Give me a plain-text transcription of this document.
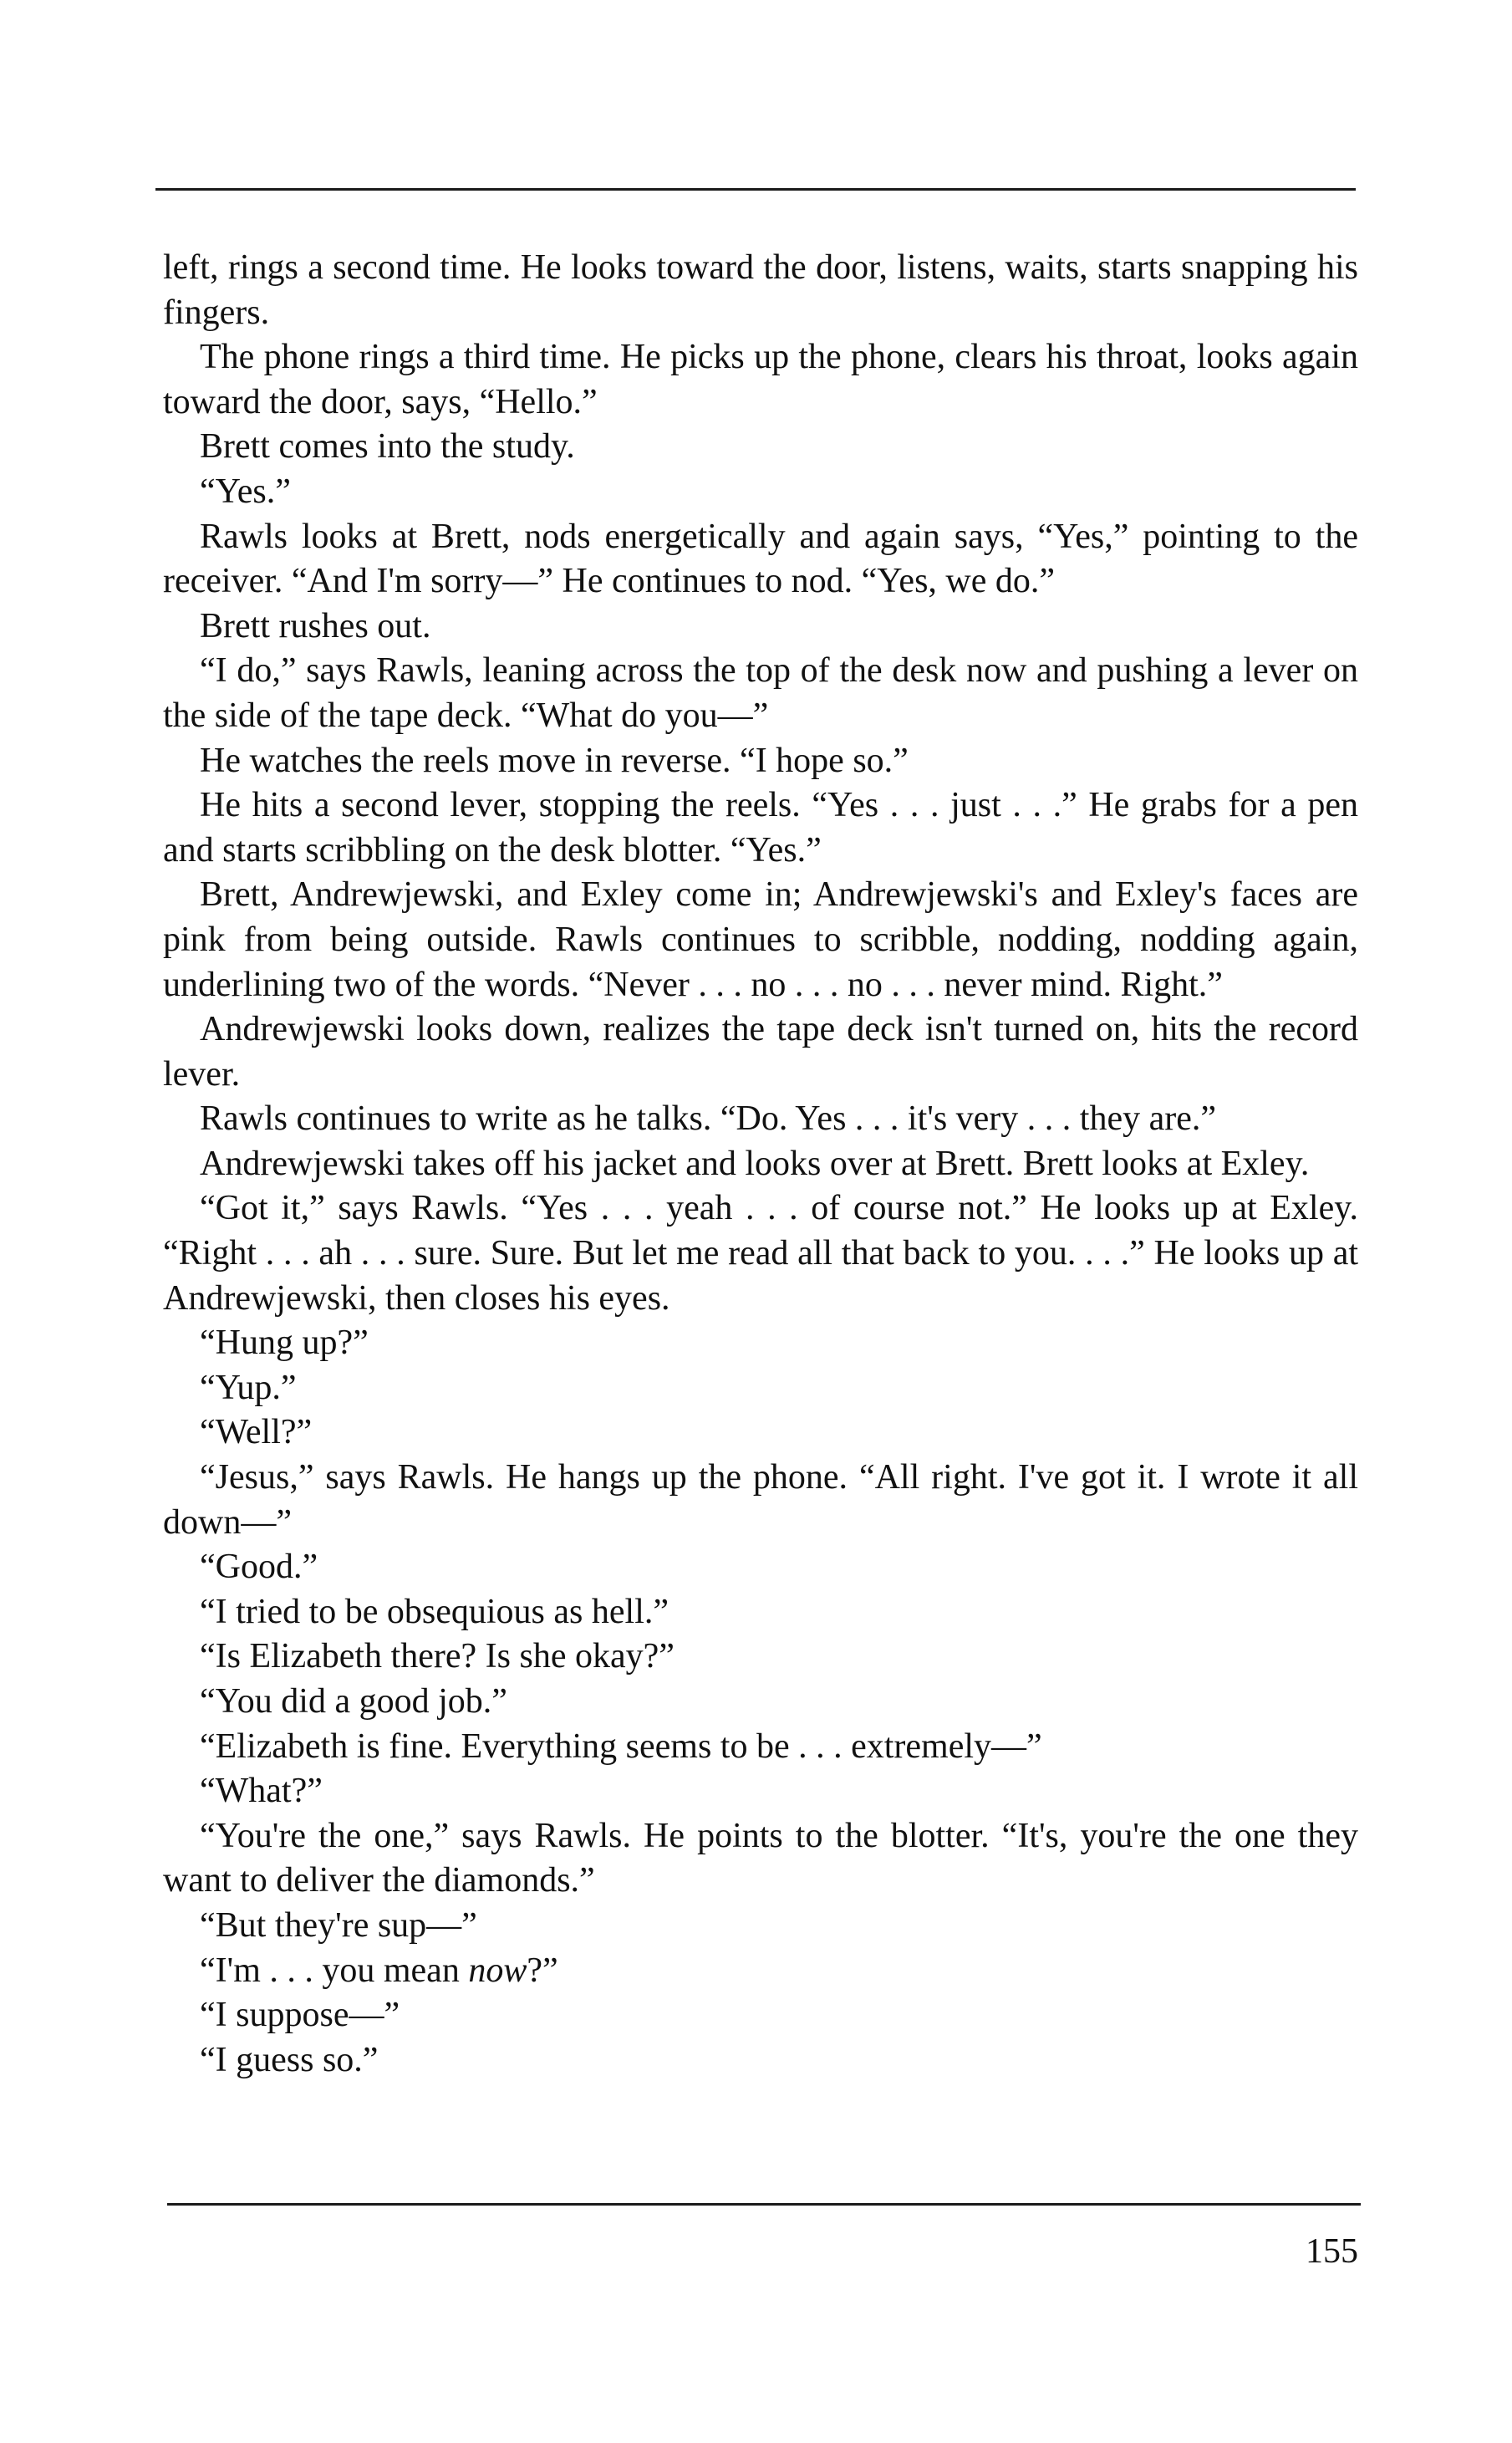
left, rings a second time. He looks toward the door, listens, waits, starts snapping his fingers.

The phone rings a third time. He picks up the phone, clears his throat, looks again toward the door, says, “Hello.”

Brett comes into the study.

“Yes.”

Rawls looks at Brett, nods energetically and again says, “Yes,” pointing to the receiver. “And I'm sorry—” He continues to nod. “Yes, we do.”

Brett rushes out.

“I do,” says Rawls, leaning across the top of the desk now and pushing a lever on the side of the tape deck. “What do you—”

He watches the reels move in reverse. “I hope so.”

He hits a second lever, stopping the reels. “Yes . . . just . . .” He grabs for a pen and starts scribbling on the desk blotter. “Yes.”

Brett, Andrewjewski, and Exley come in; Andrewjewski's and Exley's faces are pink from being outside. Rawls continues to scribble, nodding, nodding again, underlining two of the words. “Never . . . no . . . no . . . never mind. Right.”

Andrewjewski looks down, realizes the tape deck isn't turned on, hits the record lever.

Rawls continues to write as he talks. “Do. Yes . . . it's very . . . they are.”

Andrewjewski takes off his jacket and looks over at Brett. Brett looks at Exley.

“Got it,” says Rawls. “Yes . . . yeah . . . of course not.” He looks up at Exley. “Right . . . ah . . . sure. Sure. But let me read all that back to you. . . .” He looks up at Andrewjewski, then closes his eyes.

“Hung up?”

“Yup.”

“Well?”

“Jesus,” says Rawls. He hangs up the phone. “All right. I've got it. I wrote it all down—”

“Good.”

“I tried to be obsequious as hell.”

“Is Elizabeth there? Is she okay?”

“You did a good job.”

“Elizabeth is fine. Everything seems to be . . . extremely—”

“What?”

“You're the one,” says Rawls. He points to the blotter. “It's, you're the one they want to deliver the diamonds.”

“But they're sup—”

“I'm . . . you mean now?”

“I suppose—”

“I guess so.”

155
